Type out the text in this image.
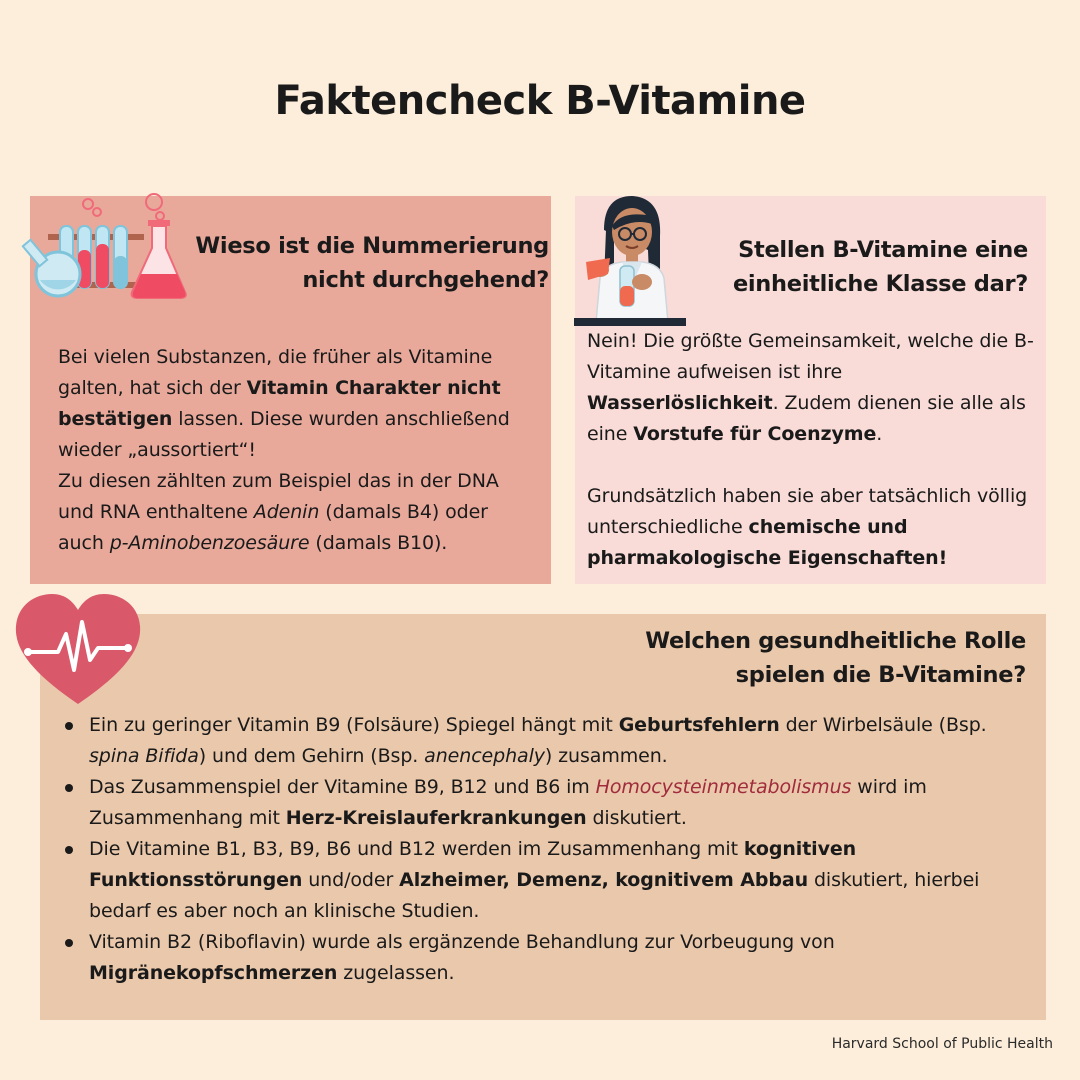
Faktencheck B-Vitamine
Wieso ist die Nummerierung
nicht durchgehend?
Bei vielen Substanzen, die früher als Vitamine galten, hat sich der Vitamin Charakter nicht bestätigen lassen. Diese wurden anschließend wieder „aussortiert“!
Zu diesen zählten zum Beispiel das in der DNA und RNA enthaltene Adenin (damals B4) oder auch p-Aminobenzoesäure (damals B10).
Stellen B-Vitamine eine
einheitliche Klasse dar?
Nein! Die größte Gemeinsamkeit, welche die B-Vitamine aufweisen ist ihre Wasserlöslichkeit. Zudem dienen sie alle als eine Vorstufe für Coenzyme.
Grundsätzlich haben sie aber tatsächlich völlig unterschiedliche chemische und pharmakologische Eigenschaften!
Welchen gesundheitliche Rolle
spielen die B-Vitamine?
Ein zu geringer Vitamin B9 (Folsäure) Spiegel hängt mit Geburtsfehlern der Wirbelsäule (Bsp. spina Bifida) und dem Gehirn (Bsp. anencephaly) zusammen.
Das Zusammenspiel der Vitamine B9, B12 und B6 im Homocysteinmetabolismus wird im Zusammenhang mit Herz-Kreislauferkrankungen diskutiert.
Die Vitamine B1, B3, B9, B6 und B12 werden im Zusammenhang mit kognitiven Funktionsstörungen und/oder Alzheimer, Demenz, kognitivem Abbau diskutiert, hierbei bedarf es aber noch an klinische Studien.
Vitamin B2 (Riboflavin) wurde als ergänzende Behandlung zur Vorbeugung von Migränekopfschmerzen zugelassen.
Harvard School of Public Health
